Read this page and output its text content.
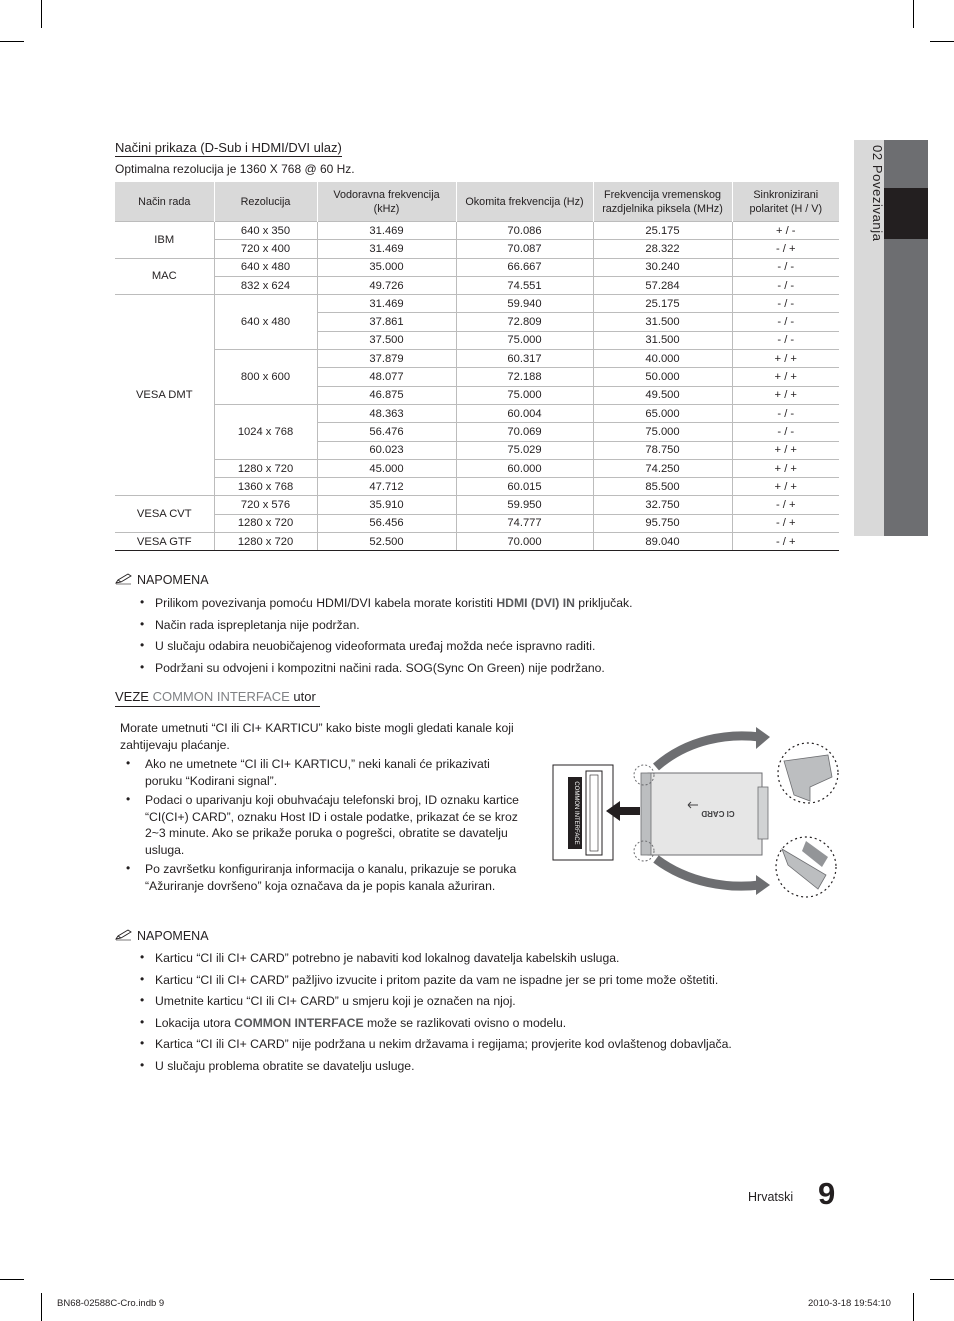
02 Povezivanja
Načini prikaza (D-Sub i HDMI/DVI ulaz)
Optimalna rezolucija je 1360 X 768 @ 60 Hz.
Način rada	Rezolucija	Vodoravna frekvencija (kHz)	Okomita frekvencija (Hz)	Frekvencija vremenskog razdjelnika piksela (MHz)	Sinkronizirani polaritet (H / V)
IBM	640 x 350	31.469	70.086	25.175	+ / -
	720 x 400	31.469	70.087	28.322	- / +
MAC	640 x 480	35.000	66.667	30.240	- / -
	832 x 624	49.726	74.551	57.284	- / -
VESA DMT	640 x 480	31.469	59.940	25.175	- / -
		37.861	72.809	31.500	- / -
		37.500	75.000	31.500	- / -
	800 x 600	37.879	60.317	40.000	+ / +
		48.077	72.188	50.000	+ / +
		46.875	75.000	49.500	+ / +
	1024 x 768	48.363	60.004	65.000	- / -
		56.476	70.069	75.000	- / -
		60.023	75.029	78.750	+ / +
	1280 x 720	45.000	60.000	74.250	+ / +
	1360 x 768	47.712	60.015	85.500	+ / +
VESA CVT	720 x 576	35.910	59.950	32.750	- / +
	1280 x 720	56.456	74.777	95.750	- / +
VESA GTF	1280 x 720	52.500	70.000	89.040	- / +
NAPOMENA
• Prilikom povezivanja pomoću HDMI/DVI kabela morate koristiti HDMI (DVI) IN priključak.
• Način rada isprepletanja nije podržan.
• U slučaju odabira neuobičajenog videoformata uređaj možda neće ispravno raditi.
• Podržani su odvojeni i kompozitni načini rada. SOG(Sync On Green) nije podržano.
VEZE COMMON INTERFACE utor
Morate umetnuti “CI ili CI+ KARTICU” kako biste mogli gledati kanale koji zahtijevaju plaćanje.
• Ako ne umetnete “CI ili CI+ KARTICU,” neki kanali će prikazivati poruku “Kodirani signal”.
• Podaci o uparivanju koji obuhvaćaju telefonski broj, ID oznaku kartice “CI(CI+) CARD”, oznaku Host ID i ostale podatke, prikazat će se kroz 2~3 minute. Ako se prikaže poruka o pogrešci, obratite se davatelju usluga.
• Po završetku konfiguriranja informacija o kanalu, prikazuje se poruka “Ažuriranje dovršeno” koja označava da je popis kanala ažuriran.
COMMON INTERFACE	CI CARD
NAPOMENA
• Karticu “CI ili CI+ CARD” potrebno je nabaviti kod lokalnog davatelja kabelskih usluga.
• Karticu “CI ili CI+ CARD” pažljivo izvucite i pritom pazite da vam ne ispadne jer se pri tome može oštetiti.
• Umetnite karticu “CI ili CI+ CARD” u smjeru koji je označen na njoj.
• Lokacija utora COMMON INTERFACE može se razlikovati ovisno o modelu.
• Kartica “CI ili CI+ CARD” nije podržana u nekim državama i regijama; provjerite kod ovlaštenog dobavljača.
• U slučaju problema obratite se davatelju usluge.
Hrvatski 9
BN68-02588C-Cro.indb 9	2010-3-18 19:54:10
